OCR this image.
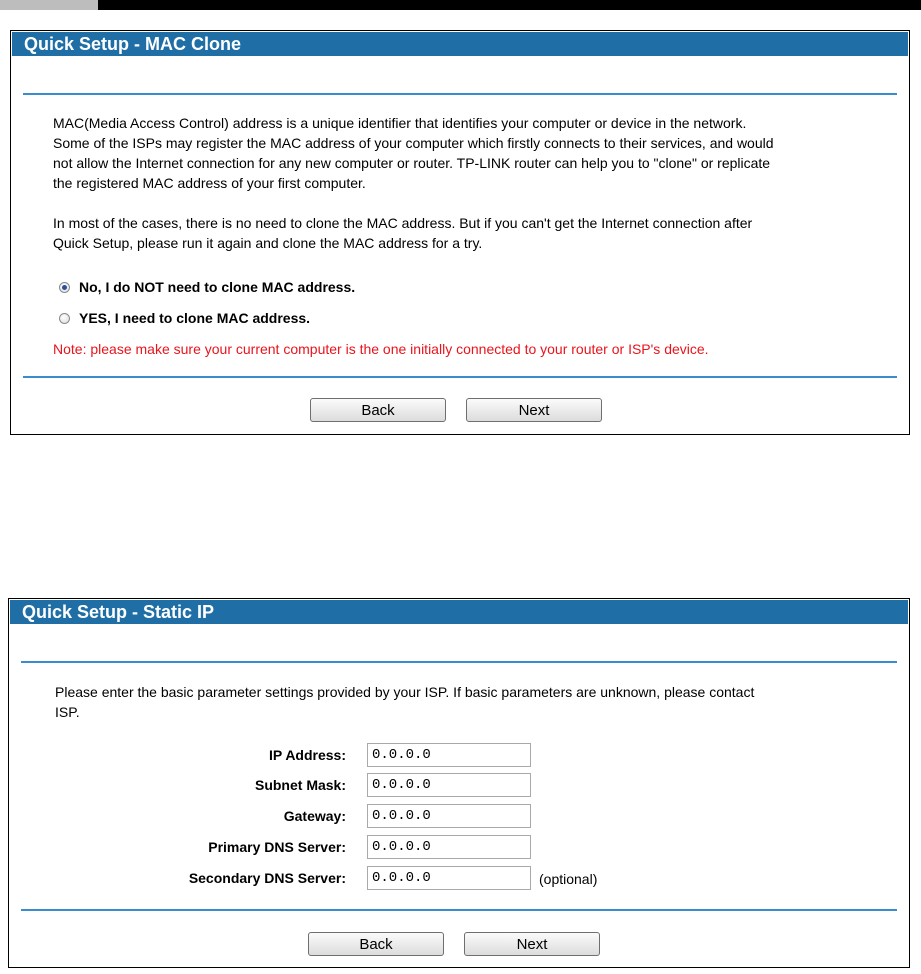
Quick Setup - MAC Clone
MAC(Media Access Control) address is a unique identifier that identifies your computer or device in the network.
Some of the ISPs may register the MAC address of your computer which firstly connects to their services, and would
not allow the Internet connection for any new computer or router. TP-LINK router can help you to "clone" or replicate
the registered MAC address of your first computer.
In most of the cases, there is no need to clone the MAC address. But if you can't get the Internet connection after
Quick Setup, please run it again and clone the MAC address for a try.
No, I do NOT need to clone MAC address.
YES, I need to clone MAC address.
Note: please make sure your current computer is the one initially connected to your router or ISP's device.
Back	Next
Quick Setup - Static IP
Please enter the basic parameter settings provided by your ISP. If basic parameters are unknown, please contact
ISP.
IP Address:
0.0.0.0
Subnet Mask:
0.0.0.0
Gateway:
0.0.0.0
Primary DNS Server:
0.0.0.0
Secondary DNS Server:
0.0.0.0	(optional)
Back	Next
